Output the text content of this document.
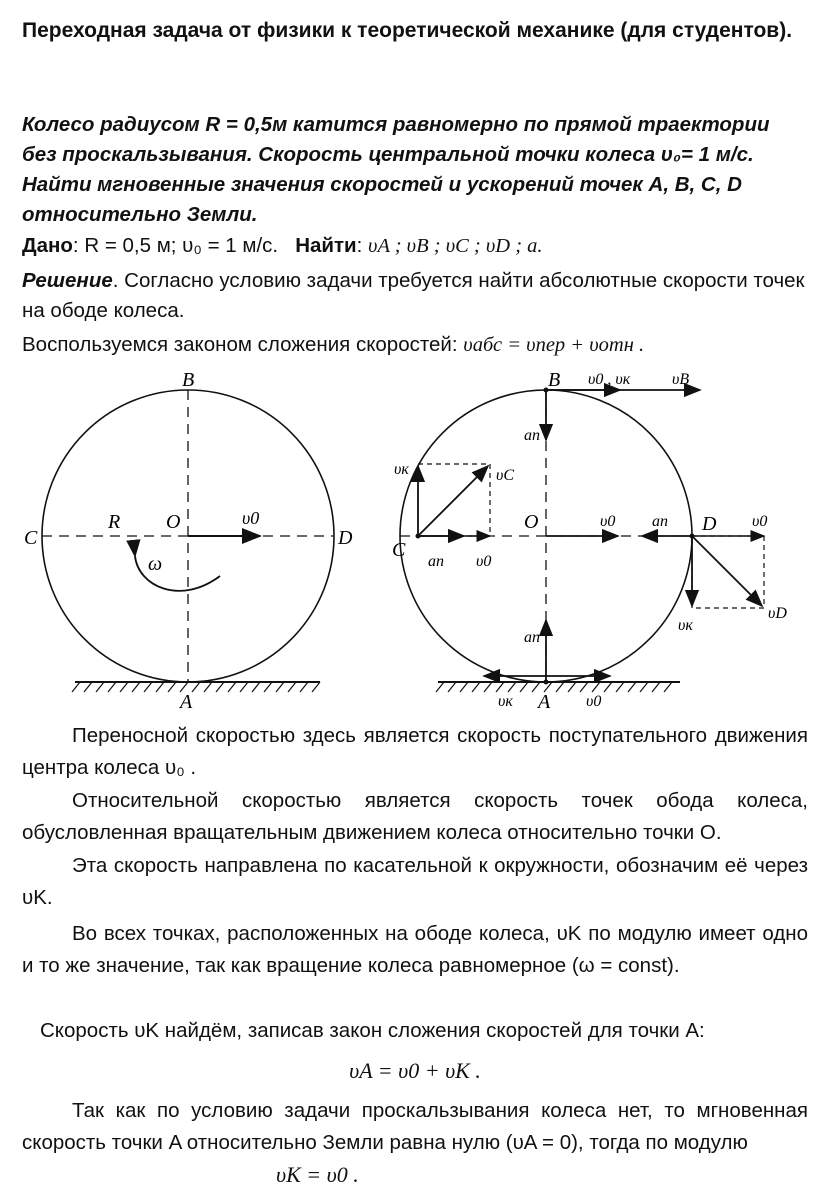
Переходная задача от физики к теоретической механике (для студентов).
Колесо радиусом R = 0,5м катится равномерно по прямой траектории без проскальзывания. Скорость центральной точки колеса υ₀= 1 м/с. Найти мгновенные значения скоростей и ускорений точек A, B, C, D относительно Земли.
Дано: R = 0,5 м; υ₀ = 1 м/с. Найти: υA ; υB ; υC ; υD ; a.
Решение. Согласно условию задачи требуется найти абсолютные скорости точек на ободе колеса.
Воспользуемся законом сложения скоростей: υабс = υпер + υотн .
B
C	D
A
O
R
ω
υ0
B
C
D
A
O
υ0 , υк	υB
an
υк	υC
an υ0
υ0 an	υ0
υD
υк
an
υк	υ0
Переносной скоростью здесь является скорость поступательного движения центра колеса υ₀ .
Относительной скоростью является скорость точек обода колеса, обусловленная вращательным движением колеса относительно точки О.
Эта скорость направлена по касательной к окружности, обозначим её через υK.
Во всех точках, расположенных на ободе колеса, υK по модулю имеет одно и то же значение, так как вращение колеса равномерное (ω = const).
Скорость υK найдём, записав закон сложения скоростей для точки A:
υA = υ0 + υK .
Так как по условию задачи проскальзывания колеса нет, то мгновенная скорость точки A относительно Земли равна нулю (υA = 0), тогда по модулю
υK = υ0 .
